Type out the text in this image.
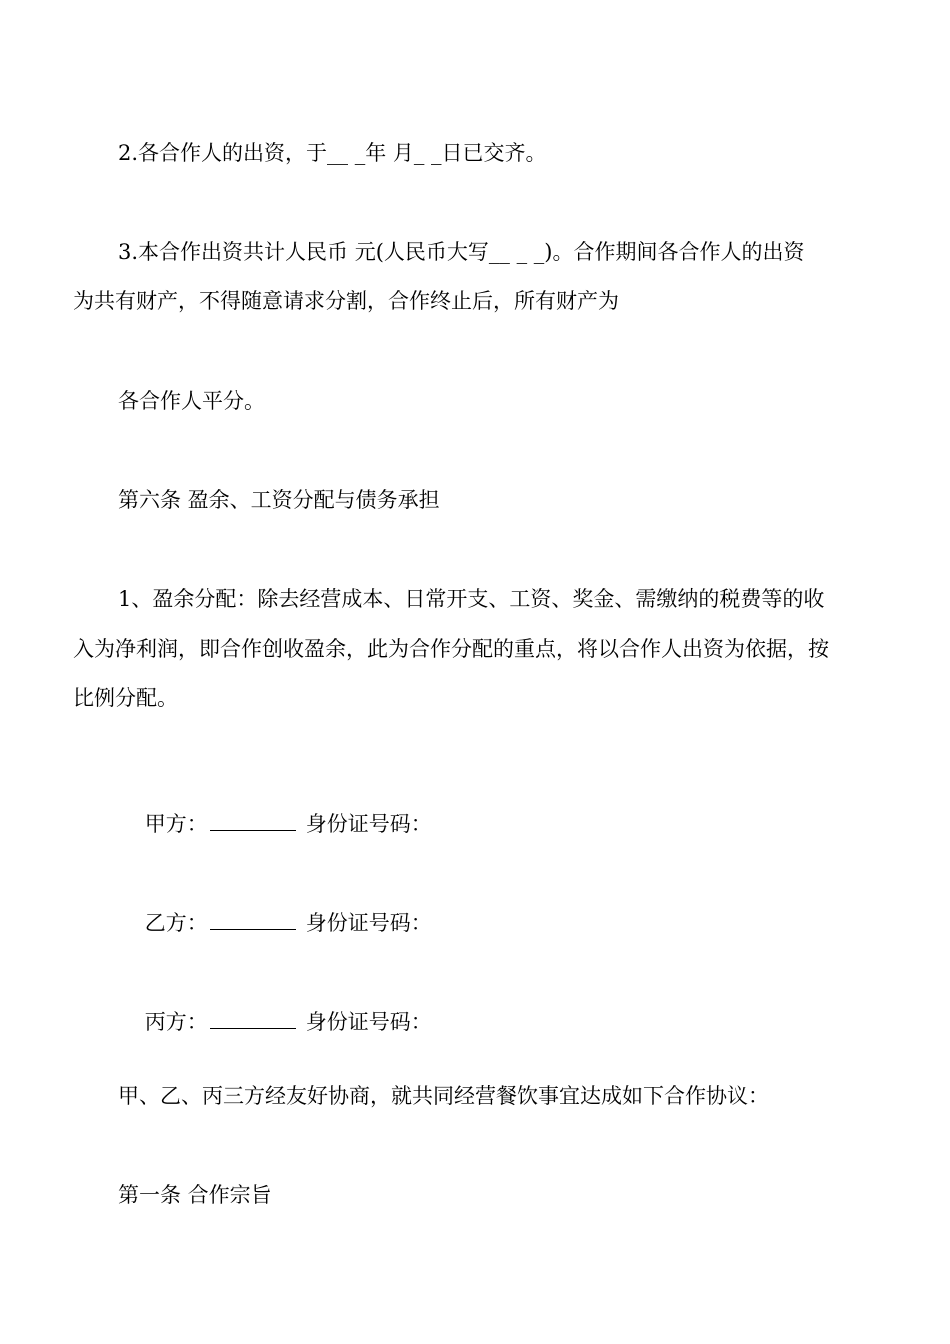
2.各合作人的出资，于__ _年 月_ _日已交齐。
3.本合作出资共计人民币 元(人民币大写__ _ _)。合作期间各合作人的出资
为共有财产，不得随意请求分割，合作终止后，所有财产为
各合作人平分。
第六条 盈余、工资分配与债务承担
1、盈余分配：除去经营成本、日常开支、工资、奖金、需缴纳的税费等的收
入为净利润，即合作创收盈余，此为合作分配的重点，将以合作人出资为依据，按
比例分配。

甲方：	身份证号码：

乙方：	身份证号码：

丙方：	身份证号码：

甲、乙、丙三方经友好协商，就共同经营餐饮事宜达成如下合作协议：
第一条 合作宗旨
